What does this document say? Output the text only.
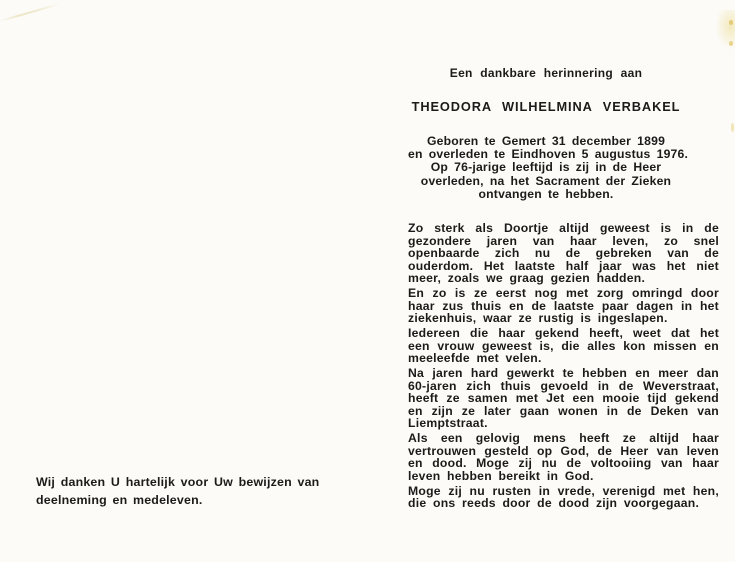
Een dankbare herinnering aan

THEODORA WILHELMINA VERBAKEL
Geboren te Gemert 31 december 1899
en overleden te Eindhoven 5 augustus 1976.
Op 76-jarige leeftijd is zij in de Heer
overleden, na het Sacrament der Zieken
ontvangen te hebben.

Zo sterk als Doortje altijd geweest is in de gezondere jaren van haar leven, zo snel openbaarde zich nu de gebreken van de ouderdom. Het laatste half jaar was het niet meer, zoals we graag gezien hadden.

En zo is ze eerst nog met zorg omringd door haar zus thuis en de laatste paar dagen in het ziekenhuis, waar ze rustig is ingeslapen.

Iedereen die haar gekend heeft, weet dat het een vrouw geweest is, die alles kon missen en meeleefde met velen.

Na jaren hard gewerkt te hebben en meer dan 60-jaren zich thuis gevoeld in de Weverstraat, heeft ze samen met Jet een mooie tijd gekend en zijn ze later gaan wonen in de Deken van Liemptstraat.

Als een gelovig mens heeft ze altijd haar vertrouwen gesteld op God, de Heer van leven en dood. Moge zij nu de voltooiing van haar leven hebben bereikt in God.

Moge zij nu rusten in vrede, verenigd met hen, die ons reeds door de dood zijn voorgegaan.

Wij danken U hartelijk voor Uw bewijzen van
deelneming en medeleven.
